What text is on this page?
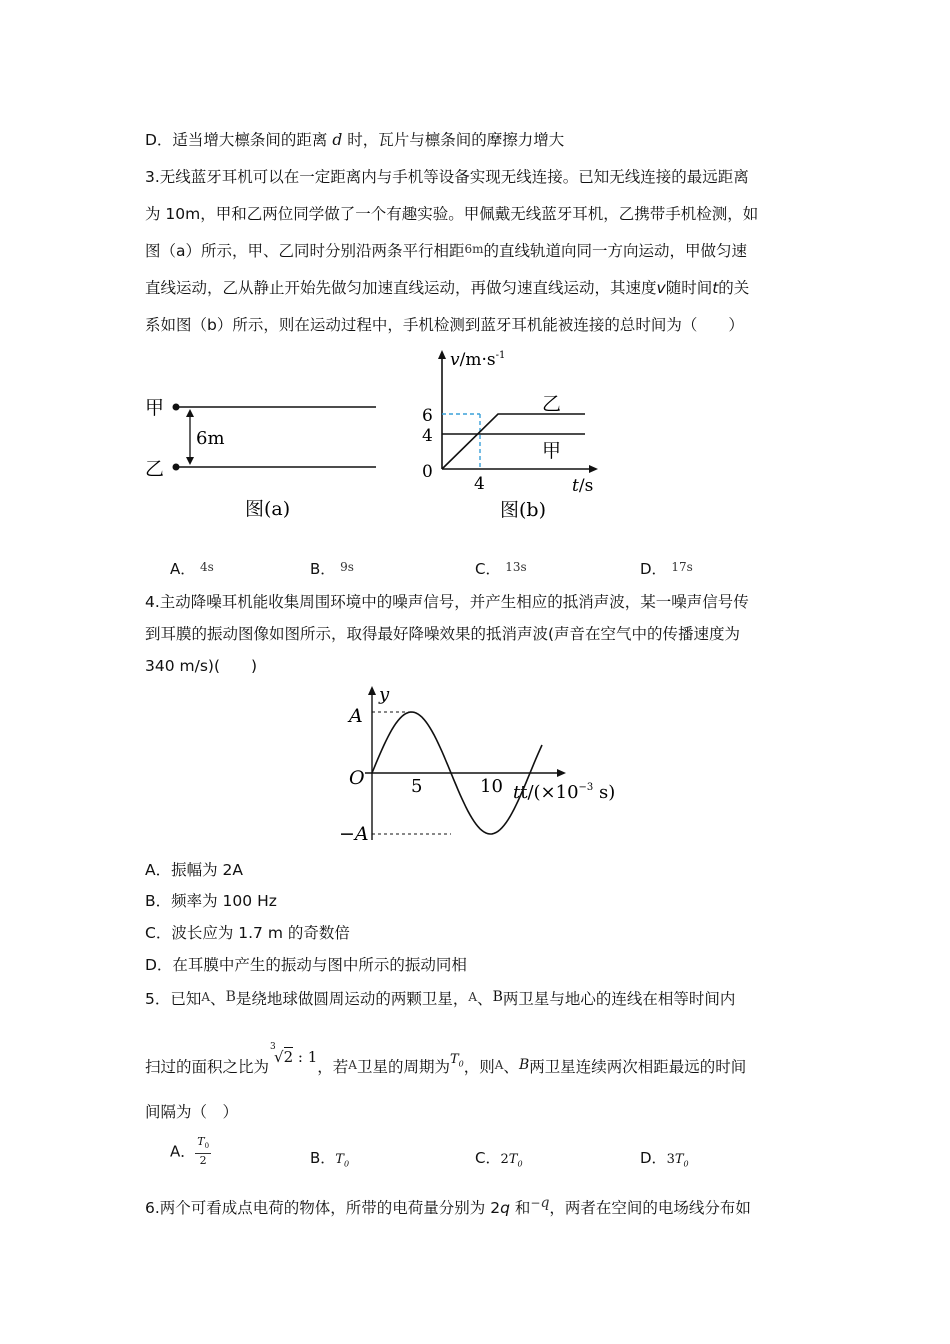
D．适当增大檩条间的距离 d 时，瓦片与檩条间的摩擦力增大
3.无线蓝牙耳机可以在一定距离内与手机等设备实现无线连接。已知无线连接的最远距离
为 10m，甲和乙两位同学做了一个有趣实验。甲佩戴无线蓝牙耳机，乙携带手机检测，如
图（a）所示，甲、乙同时分别沿两条平行相距6m的直线轨道向同一方向运动，甲做匀速
直线运动，乙从静止开始先做匀加速直线运动，再做匀速直线运动，其速度v随时间t的关
系如图（b）所示，则在运动过程中，手机检测到蓝牙耳机能被连接的总时间为（　　）
甲
乙
6m
图(a)
$v/m\cdot s^{-1}$
t/s
6
4
0
4
乙
甲
图(b)
A． $^{4s}$	B． $^{9s}$	C． $^{13s}$	D． $^{17s}$
4.主动降噪耳机能收集周围环境中的噪声信号，并产生相应的抵消声波，某一噪声信号传
到耳膜的振动图像如图所示，取得最好降噪效果的抵消声波(声音在空气中的传播速度为
340 m/s)(　　)
y
A
−A
O	5	10 $tt/(\times 10^{-3}$ s)
A．振幅为 2A
B．频率为 100 Hz
C．波长应为 1.7 m 的奇数倍
D．在耳膜中产生的振动与图中所示的振动同相
5．已知A、B是绕地球做圆周运动的两颗卫星，A、B两卫星与地心的连线在相等时间内
扫过的面积之比为
3
√2 : 1，若A卫星的周期为$^{T_0}$，则A、B两卫星连续两次相距最远的时间
间隔为（　）
A． $\frac{T_0}{2}$	B．$T_0$	C．$2T_0$	D．$3T_0$
6.两个可看成点电荷的物体，所带的电荷量分别为 2q 和−q，两者在空间的电场线分布如
